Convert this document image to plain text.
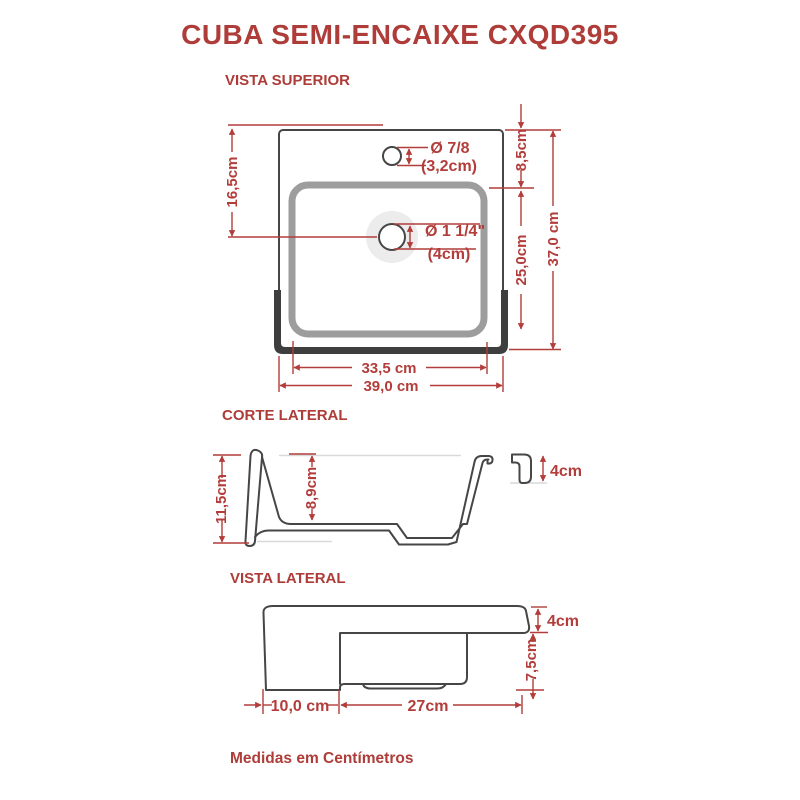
CUBA SEMI-ENCAIXE CXQD395
VISTA SUPERIOR
CORTE LATERAL
VISTA LATERAL
Medidas em Centímetros
16,5cm
Ø 7/8
(3,2cm) 8,5cm
Ø 1 1/4"
(4cm)	25,0cm 37,0 cm
33,5 cm
39,0 cm
11,5cm	8,9cm	4cm
4cm
7,5cm
10,0 cm	27cm
